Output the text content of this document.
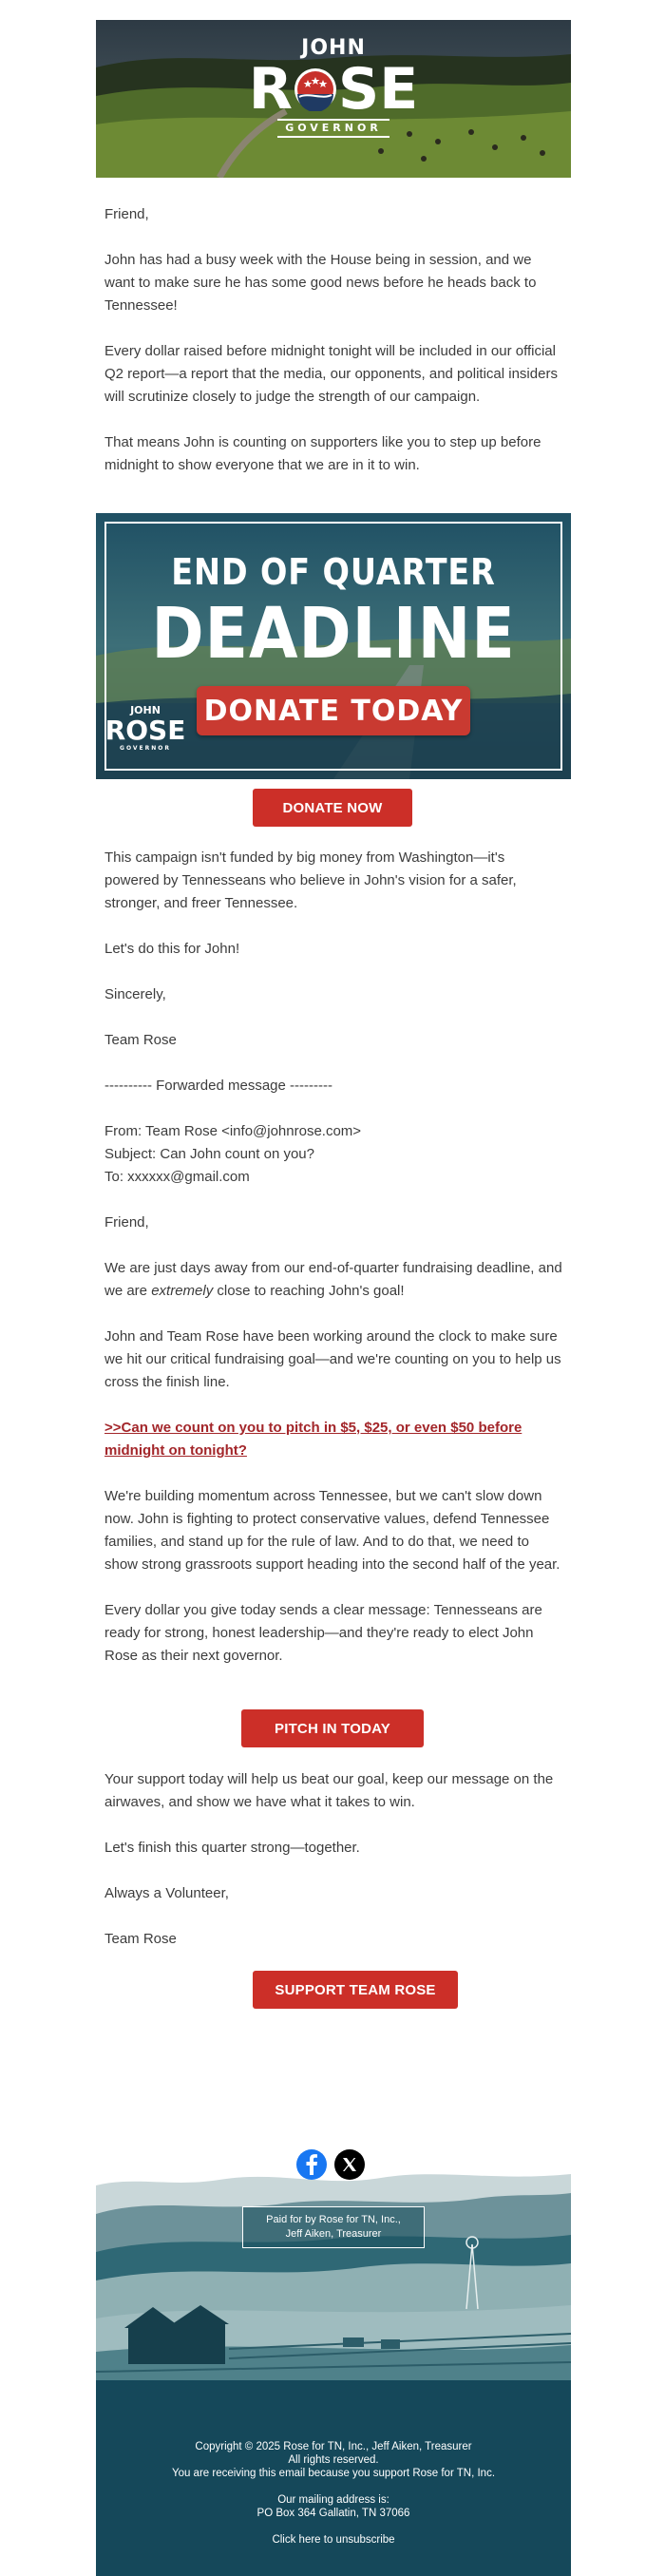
JOHN
R SE
GOVERNOR

Friend,

John has had a busy week with the House being in session, and we want to make sure he has some good news before he heads back to Tennessee!

Every dollar raised before midnight tonight will be included in our official Q2 report—a report that the media, our opponents, and political insiders will scrutinize closely to judge the strength of our campaign.

That means John is counting on supporters like you to step up before midnight to show everyone that we are in it to win.

END OF QUARTER
DEADLINE
DONATE TODAY
JOHN
ROSE
GOVERNOR
DONATE NOW

This campaign isn't funded by big money from Washington—it's powered by Tennesseans who believe in John's vision for a safer, stronger, and freer Tennessee.

Let's do this for John!

Sincerely,

Team Rose

---------- Forwarded message ---------

From: Team Rose <info@johnrose.com>

Subject: Can John count on you?

To: xxxxxx@gmail.com

Friend,

We are just days away from our end-of-quarter fundraising deadline, and we are extremely close to reaching John's goal!

John and Team Rose have been working around the clock to make sure we hit our critical fundraising goal—and we're counting on you to help us cross the finish line.

>>Can we count on you to pitch in $5, $25, or even $50 before midnight on tonight?

We're building momentum across Tennessee, but we can't slow down now. John is fighting to protect conservative values, defend Tennessee families, and stand up for the rule of law. And to do that, we need to show strong grassroots support heading into the second half of the year.

Every dollar you give today sends a clear message: Tennesseans are ready for strong, honest leadership—and they're ready to elect John Rose as their next governor.

PITCH IN TODAY

Your support today will help us beat our goal, keep our message on the airwaves, and show we have what it takes to win.

Let's finish this quarter strong—together.

Always a Volunteer,

Team Rose

SUPPORT TEAM ROSE
Paid for by Rose for TN, Inc.,
Jeff Aiken, Treasurer
Copyright © 2025 Rose for TN, Inc., Jeff Aiken, Treasurer
All rights reserved.
You are receiving this email because you support Rose for TN, Inc.
Our mailing address is:
PO Box 364 Gallatin, TN 37066
Click here to unsubscribe
